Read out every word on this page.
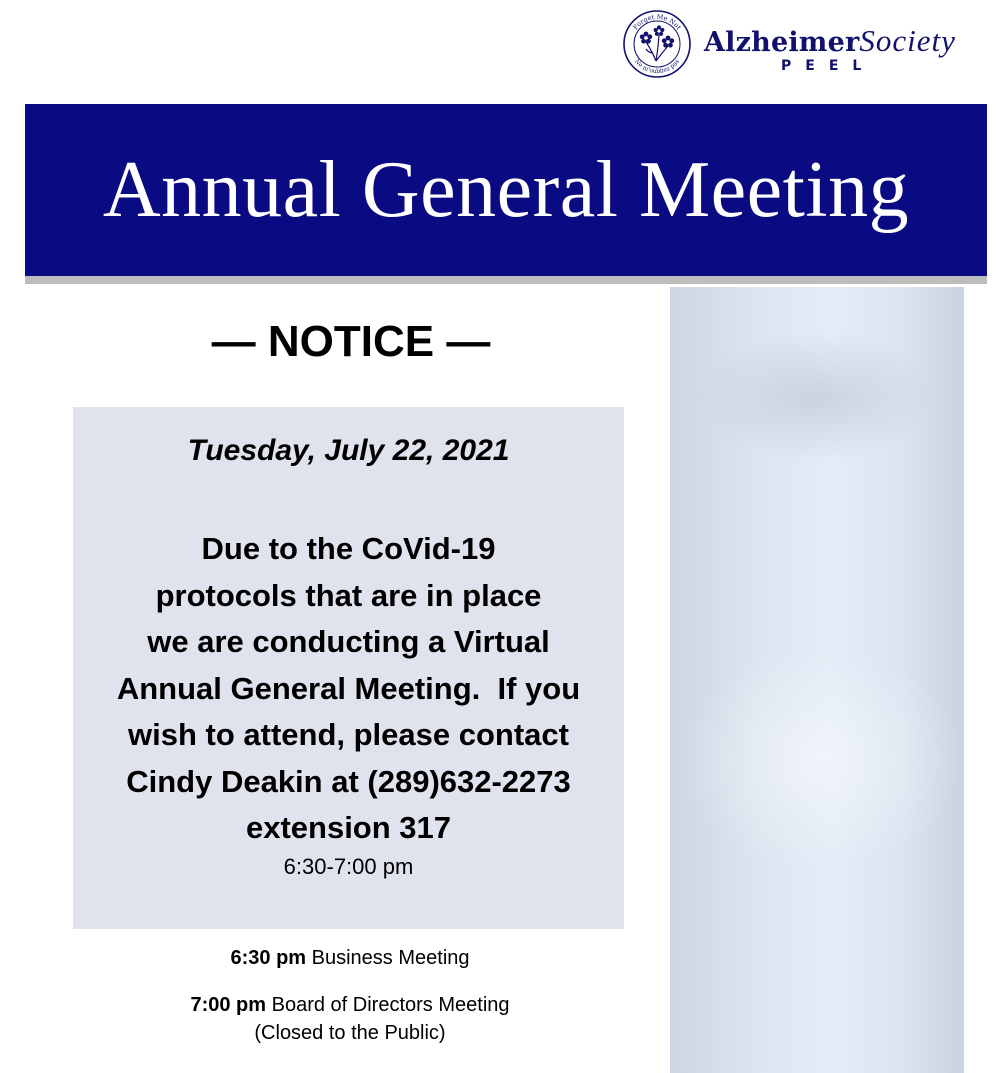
Forget Me Not
Ne m'oubliez pas
AlzheimerSociety
PEEL
Annual General Meeting
— NOTICE —
Tuesday, July 22, 2021
Due to the CoVid-19
protocols that are in place
we are conducting a Virtual
Annual General Meeting.  If you
wish to attend, please contact
Cindy Deakin at (289)632-2273
extension 317
6:30-7:00 pm
6:30 pm Business Meeting
7:00 pm Board of Directors Meeting
(Closed to the Public)
